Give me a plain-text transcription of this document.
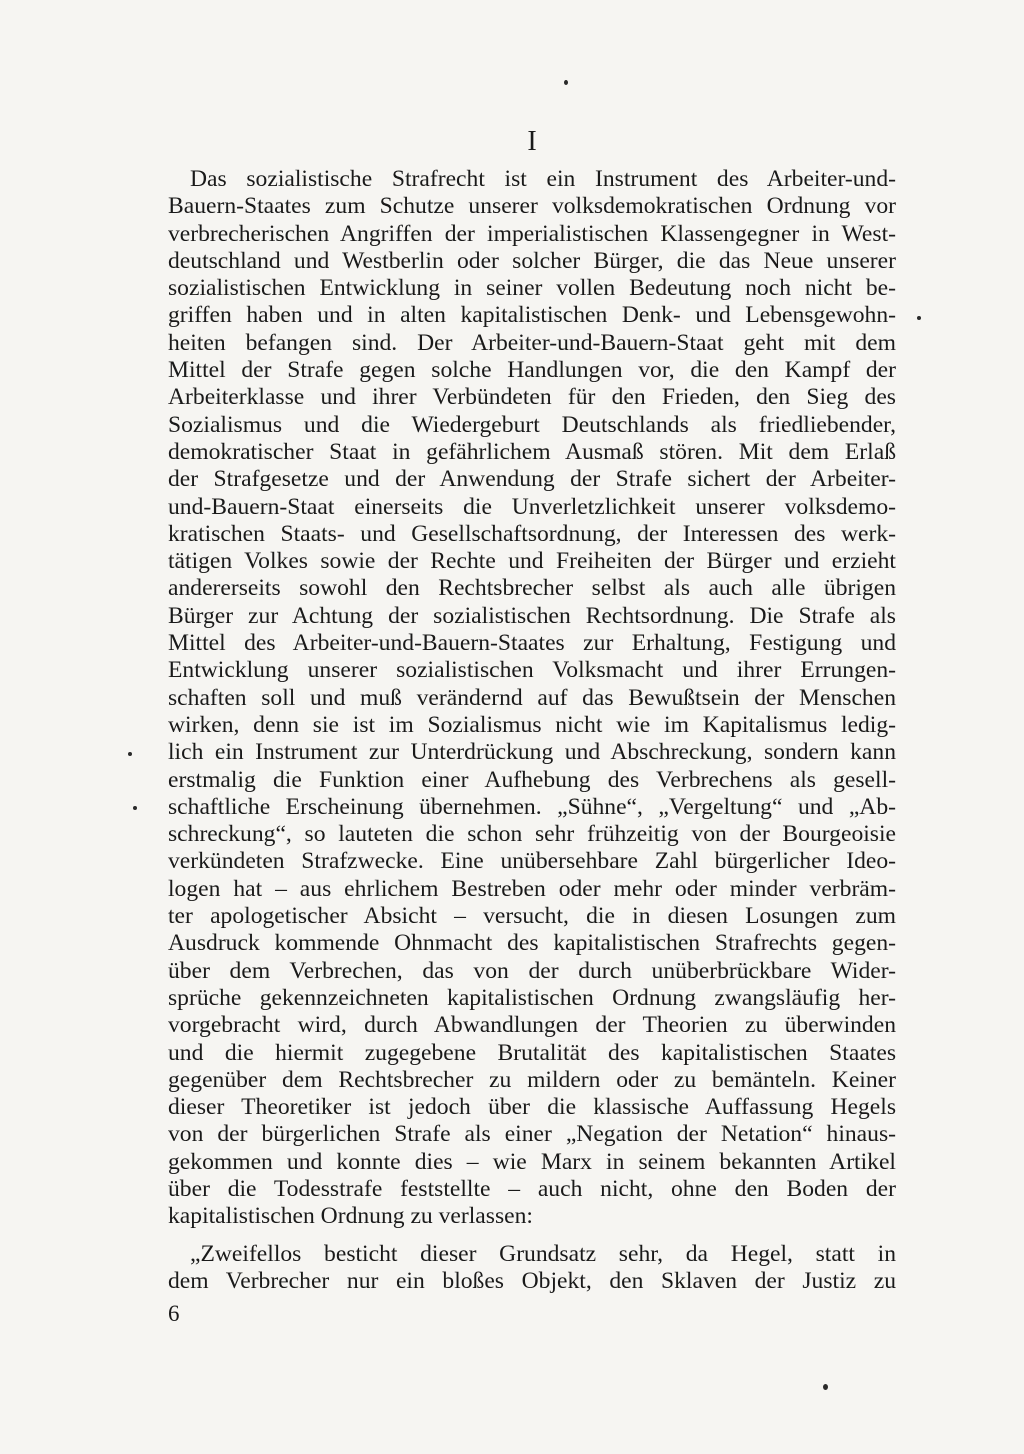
I
Das sozialistische Strafrecht ist ein Instrument des Arbeiter-und-
Bauern-Staates zum Schutze unserer volksdemokratischen Ordnung vor
verbrecherischen Angriffen der imperialistischen Klassengegner in West-
deutschland und Westberlin oder solcher Bürger, die das Neue unserer
sozialistischen Entwicklung in seiner vollen Bedeutung noch nicht be-
griffen haben und in alten kapitalistischen Denk- und Lebensgewohn-
heiten befangen sind. Der Arbeiter-und-Bauern-Staat geht mit dem
Mittel der Strafe gegen solche Handlungen vor, die den Kampf der
Arbeiterklasse und ihrer Verbündeten für den Frieden, den Sieg des
Sozialismus und die Wiedergeburt Deutschlands als friedliebender,
demokratischer Staat in gefährlichem Ausmaß stören. Mit dem Erlaß
der Strafgesetze und der Anwendung der Strafe sichert der Arbeiter-
und-Bauern-Staat einerseits die Unverletzlichkeit unserer volksdemo-
kratischen Staats- und Gesellschaftsordnung, der Interessen des werk-
tätigen Volkes sowie der Rechte und Freiheiten der Bürger und erzieht
andererseits sowohl den Rechtsbrecher selbst als auch alle übrigen
Bürger zur Achtung der sozialistischen Rechtsordnung. Die Strafe als
Mittel des Arbeiter-und-Bauern-Staates zur Erhaltung, Festigung und
Entwicklung unserer sozialistischen Volksmacht und ihrer Errungen-
schaften soll und muß verändernd auf das Bewußtsein der Menschen
wirken, denn sie ist im Sozialismus nicht wie im Kapitalismus ledig-
lich ein Instrument zur Unterdrückung und Abschreckung, sondern kann
erstmalig die Funktion einer Aufhebung des Verbrechens als gesell-
schaftliche Erscheinung übernehmen. „Sühne“, „Vergeltung“ und „Ab-
schreckung“, so lauteten die schon sehr frühzeitig von der Bourgeoisie
verkündeten Strafzwecke. Eine unübersehbare Zahl bürgerlicher Ideo-
logen hat – aus ehrlichem Bestreben oder mehr oder minder verbräm-
ter apologetischer Absicht – versucht, die in diesen Losungen zum
Ausdruck kommende Ohnmacht des kapitalistischen Strafrechts gegen-
über dem Verbrechen, das von der durch unüberbrückbare Wider-
sprüche gekennzeichneten kapitalistischen Ordnung zwangsläufig her-
vorgebracht wird, durch Abwandlungen der Theorien zu überwinden
und die hiermit zugegebene Brutalität des kapitalistischen Staates
gegenüber dem Rechtsbrecher zu mildern oder zu bemänteln. Keiner
dieser Theoretiker ist jedoch über die klassische Auffassung Hegels
von der bürgerlichen Strafe als einer „Negation der Netation“ hinaus-
gekommen und konnte dies – wie Marx in seinem bekannten Artikel
über die Todesstrafe feststellte – auch nicht, ohne den Boden der
kapitalistischen Ordnung zu verlassen:
„Zweifellos besticht dieser Grundsatz sehr, da Hegel, statt in
dem Verbrecher nur ein bloßes Objekt, den Sklaven der Justiz zu
6
